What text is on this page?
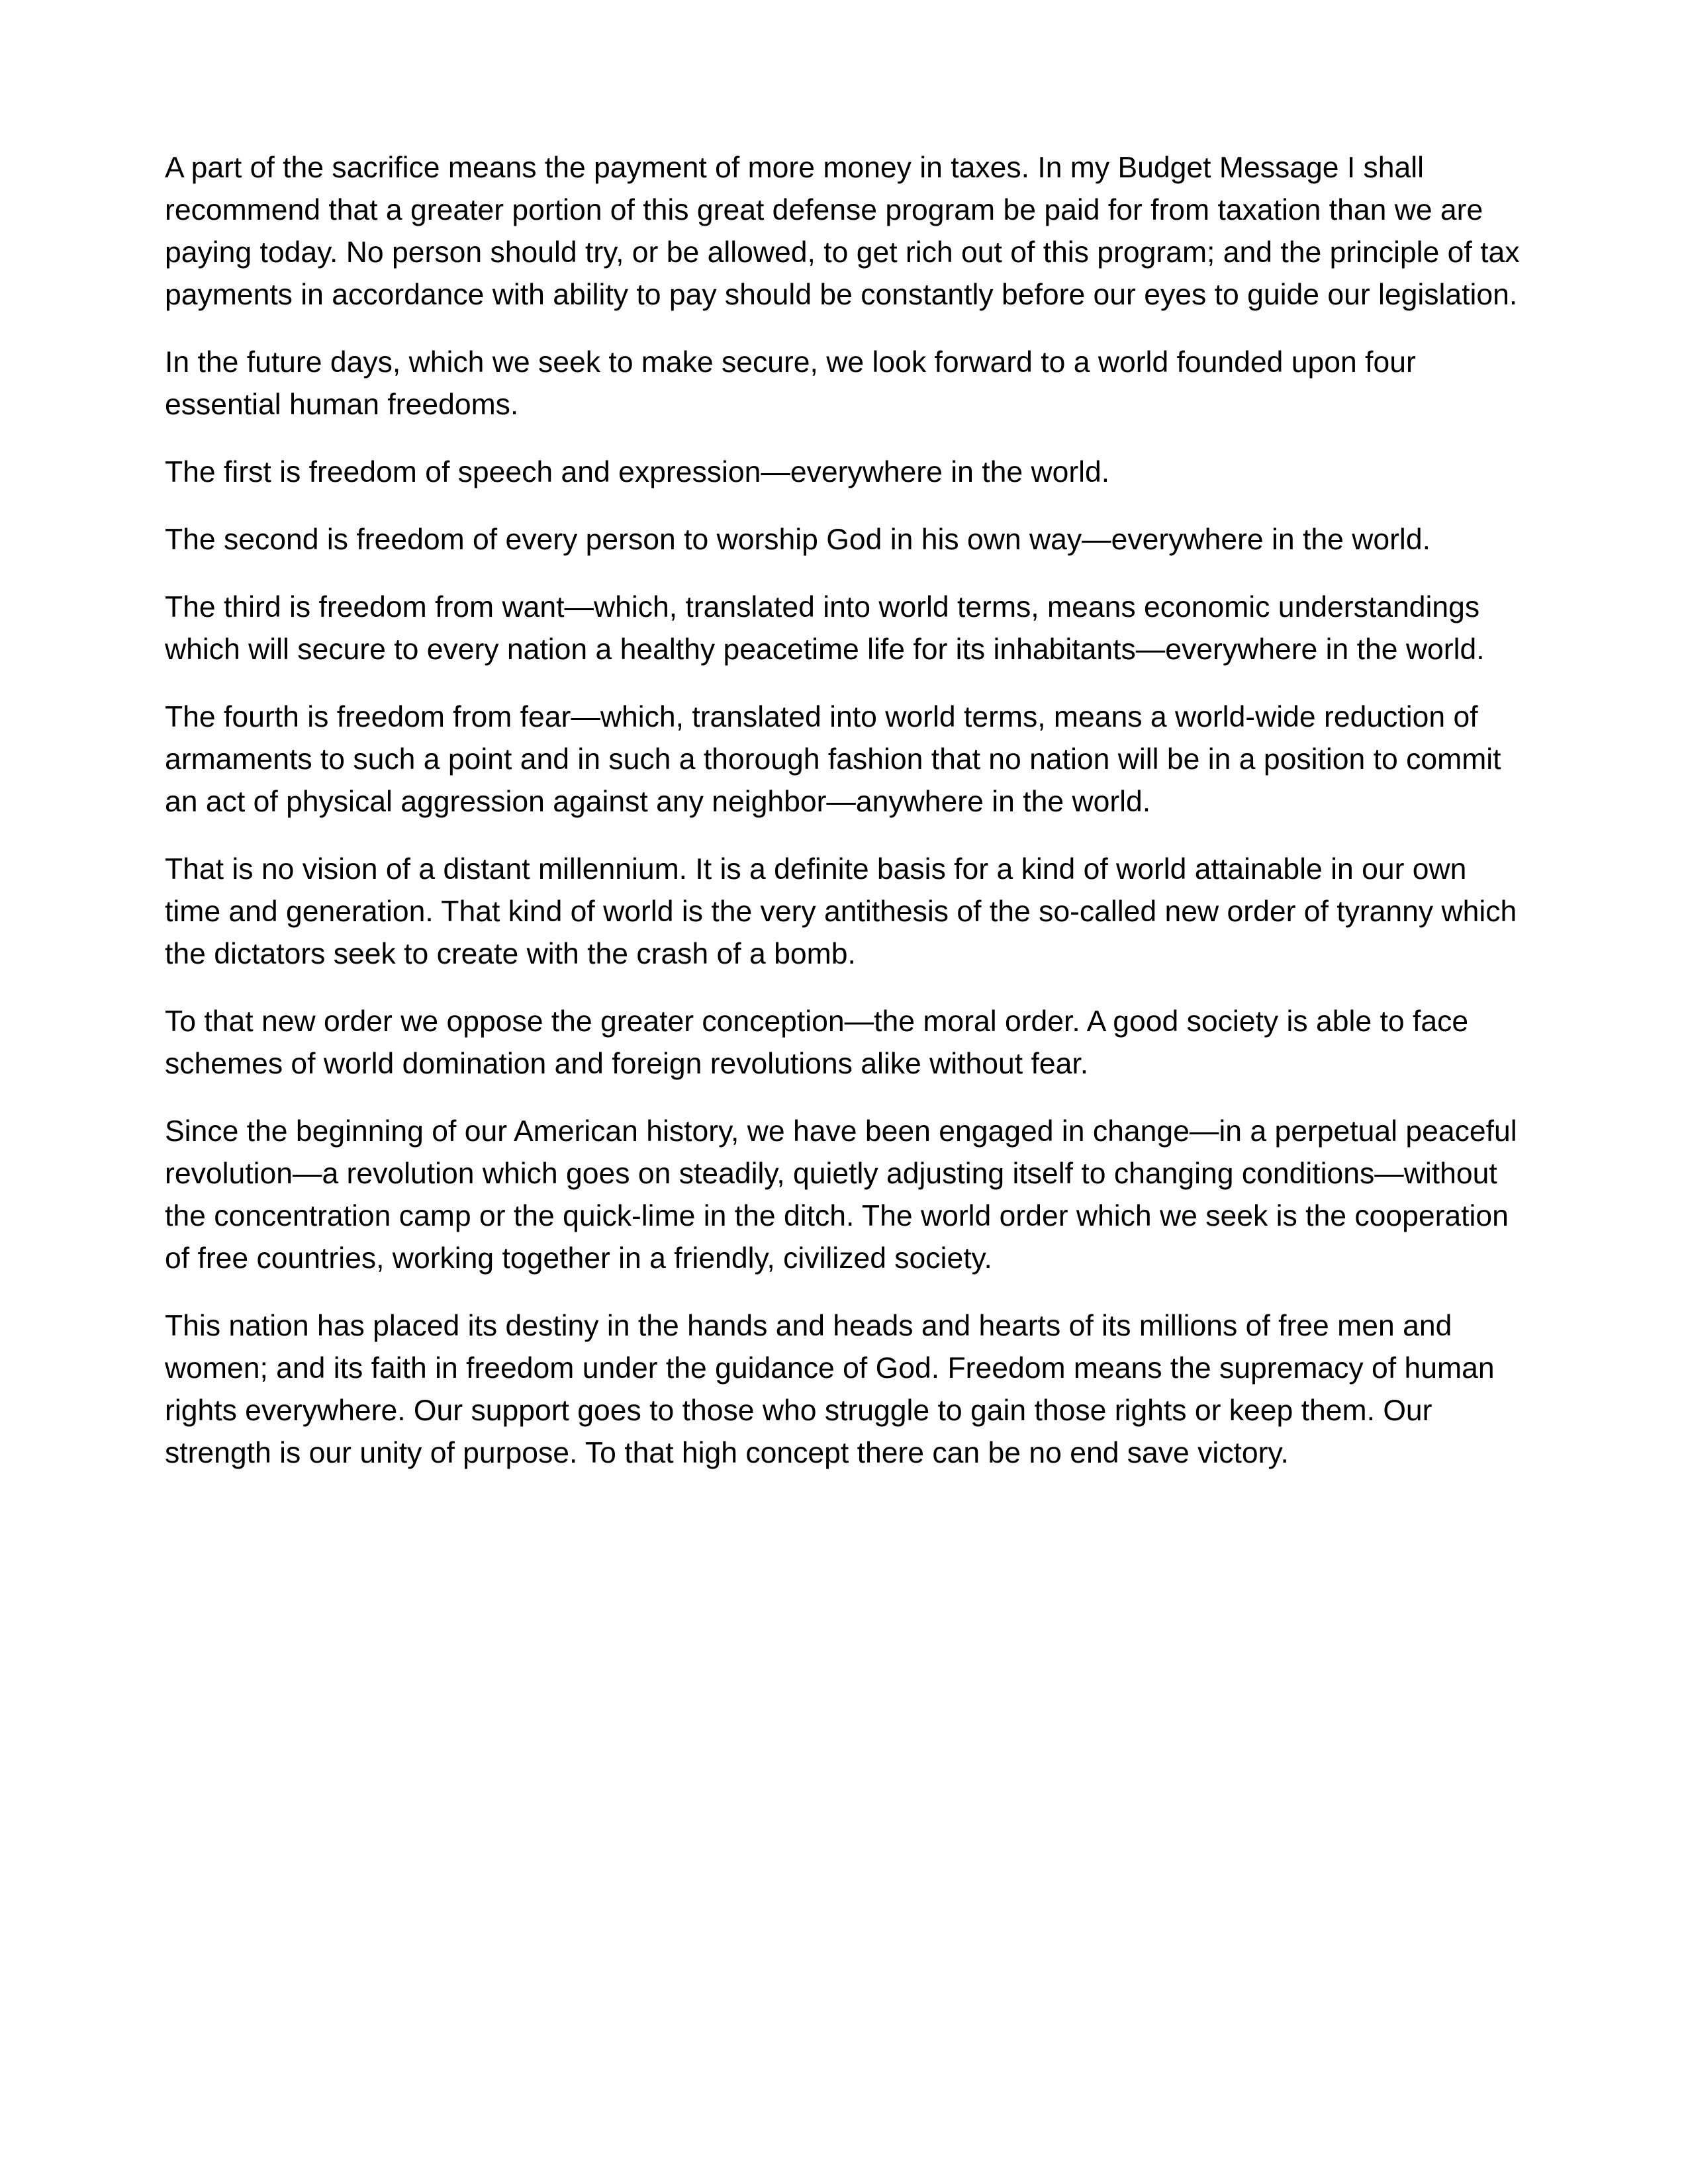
A part of the sacrifice means the payment of more money in taxes. In my Budget Message I shall recommend that a greater portion of this great defense program be paid for from taxation than we are paying today. No person should try, or be allowed, to get rich out of this program; and the principle of tax payments in accordance with ability to pay should be constantly before our eyes to guide our legislation.

In the future days, which we seek to make secure, we look forward to a world founded upon four essential human freedoms.

The first is freedom of speech and expression—everywhere in the world.

The second is freedom of every person to worship God in his own way—everywhere in the world.

The third is freedom from want—which, translated into world terms, means economic understandings which will secure to every nation a healthy peacetime life for its inhabitants—everywhere in the world.

The fourth is freedom from fear—which, translated into world terms, means a world-wide reduction of armaments to such a point and in such a thorough fashion that no nation will be in a position to commit an act of physical aggression against any neighbor—anywhere in the world.

That is no vision of a distant millennium. It is a definite basis for a kind of world attainable in our own time and generation. That kind of world is the very antithesis of the so-called new order of tyranny which the dictators seek to create with the crash of a bomb.

To that new order we oppose the greater conception—the moral order. A good society is able to face schemes of world domination and foreign revolutions alike without fear.

Since the beginning of our American history, we have been engaged in change—in a perpetual peaceful revolution—a revolution which goes on steadily, quietly adjusting itself to changing conditions—without the concentration camp or the quick-lime in the ditch. The world order which we seek is the cooperation of free countries, working together in a friendly, civilized society.

This nation has placed its destiny in the hands and heads and hearts of its millions of free men and women; and its faith in freedom under the guidance of God. Freedom means the supremacy of human rights everywhere. Our support goes to those who struggle to gain those rights or keep them. Our strength is our unity of purpose. To that high concept there can be no end save victory.
